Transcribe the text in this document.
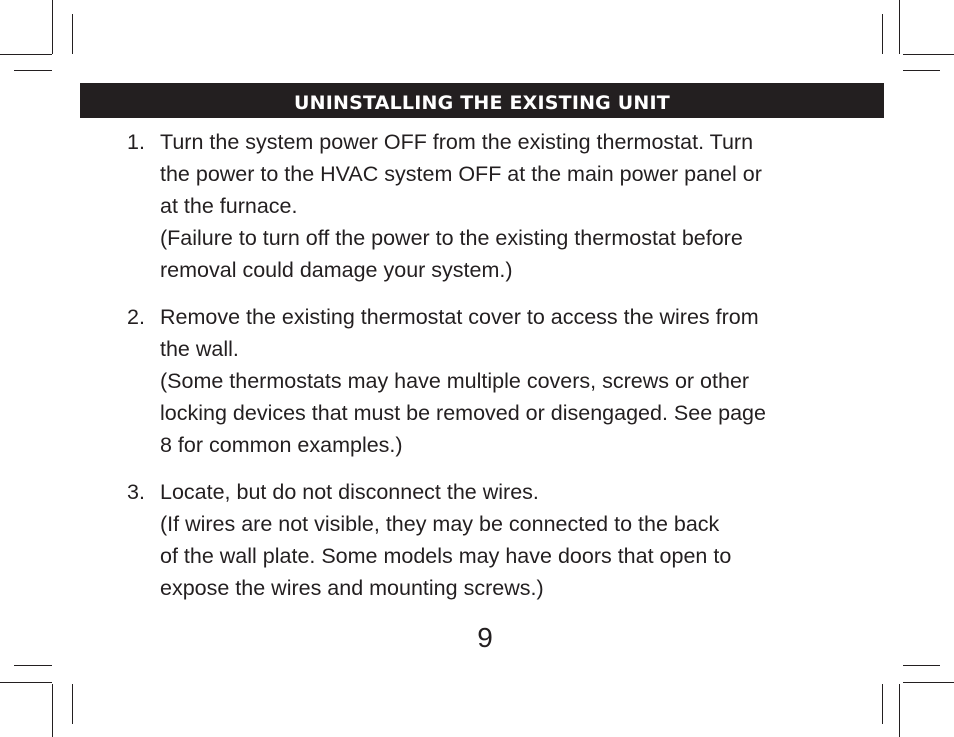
UNINSTALLING THE EXISTING UNIT
1. Turn the system power OFF from the existing thermostat. Turn

the power to the HVAC system OFF at the main power panel or

at the furnace.

(Failure to turn off the power to the existing thermostat before

removal could damage your system.)

2. Remove the existing thermostat cover to access the wires from

the wall.

(Some thermostats may have multiple covers, screws or other

locking devices that must be removed or disengaged. See page

8 for common examples.)

3. Locate, but do not disconnect the wires.

(If wires are not visible, they may be connected to the back

of the wall plate. Some models may have doors that open to

expose the wires and mounting screws.)

9
